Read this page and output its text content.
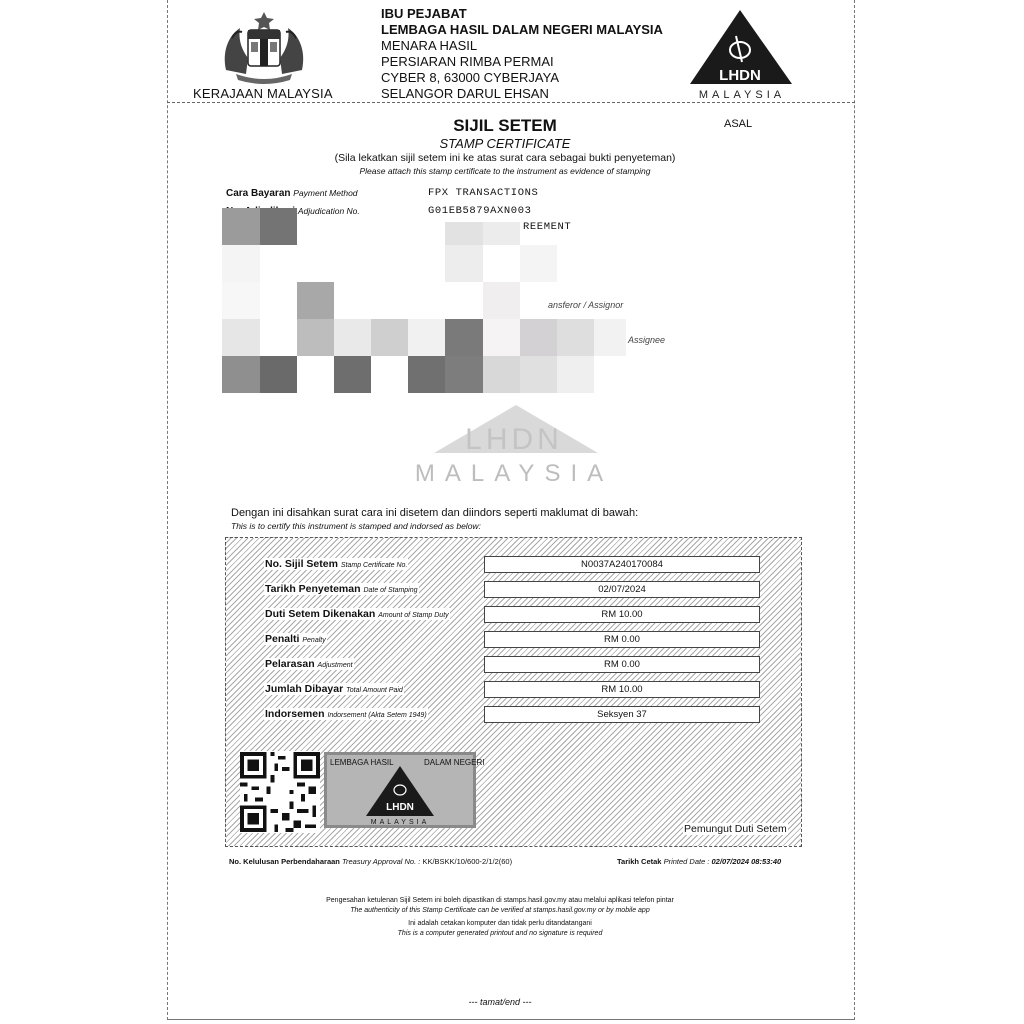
KERAJAAN MALAYSIA
IBU PEJABAT
LEMBAGA HASIL DALAM NEGERI MALAYSIA
MENARA HASIL
PERSIARAN RIMBA PERMAI
CYBER 8, 63000 CYBERJAYA
SELANGOR DARUL EHSAN
LHDN
MALAYSIA
SIJIL SETEM
STAMP CERTIFICATE
(Sila lekatkan sijil setem ini ke atas surat cara sebagai bukti penyeteman)
Please attach this stamp certificate to the instrument as evidence of stamping
ASAL
Cara Bayaran Payment Method	FPX TRANSACTIONS
Adjudication No.	G01EB5879AXN003
REEMENT
ansferor / Assignor
Assignee
LHDN
MALAYSIA
Dengan ini disahkan surat cara ini disetem dan diindors seperti maklumat di bawah:
This is to certify this instrument is stamped and indorsed as below:
No. Sijil Setem Stamp Certificate No.	N0037A240170084
Tarikh Penyeteman Date of Stamping	02/07/2024
Duti Setem Dikenakan Amount of Stamp Duty	RM 10.00
Penalti Penalty	RM 0.00
Pelarasan Adjustment	RM 0.00
Jumlah Dibayar Total Amount Paid	RM 10.00
Indorsemen Indorsement (Akta Setem 1949)	Seksyen 37
LEMBAGA HASIL	DALAM NEGERI
LHDN
MALAYSIA
Pemungut Duti Setem
No. Kelulusan Perbendaharaan Treasury Approval No. : KK/BSKK/10/600-2/1/2(60)	Tarikh Cetak Printed Date : 02/07/2024 08:53:40
Pengesahan ketulenan Sijil Setem ini boleh dipastikan di stamps.hasil.gov.my atau melalui aplikasi telefon pintar
The authenticity of this Stamp Certificate can be verified at stamps.hasil.gov.my or by mobile app
Ini adalah cetakan komputer dan tidak perlu ditandatangani
This is a computer generated printout and no signature is required
--- tamat/end ---
